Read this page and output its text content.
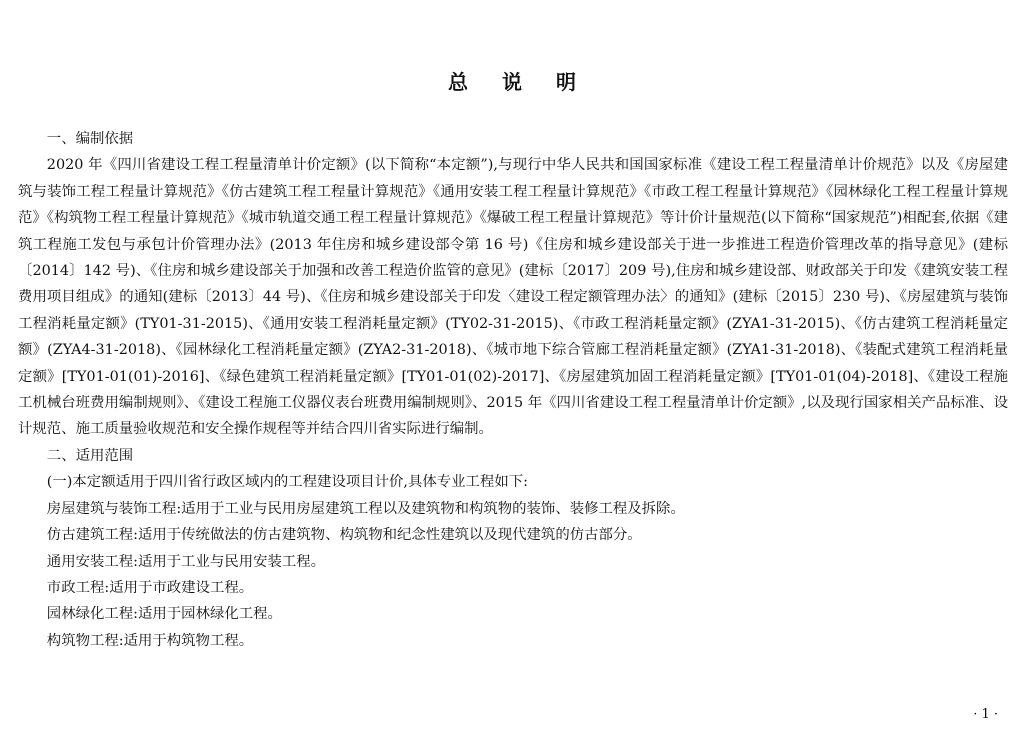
总说明

一、编制依据

2020 年《四川省建设工程工程量清单计价定额》(以下简称“本定额”),与现行中华人民共和国国家标准《建设工程工程量清单计价规范》以及《房屋建筑与装饰工程工程量计算规范》《仿古建筑工程工程量计算规范》《通用安装工程工程量计算规范》《市政工程工程量计算规范》《园林绿化工程工程量计算规范》《构筑物工程工程量计算规范》《城市轨道交通工程工程量计算规范》《爆破工程工程量计算规范》等计价计量规范(以下简称“国家规范”)相配套,依据《建筑工程施工发包与承包计价管理办法》(2013 年住房和城乡建设部令第 16 号)《住房和城乡建设部关于进一步推进工程造价管理改革的指导意见》(建标〔2014〕142 号)、《住房和城乡建设部关于加强和改善工程造价监管的意见》(建标〔2017〕209 号),住房和城乡建设部、财政部关于印发《建筑安装工程费用项目组成》的通知(建标〔2013〕44 号)、《住房和城乡建设部关于印发〈建设工程定额管理办法〉的通知》(建标〔2015〕230 号)、《房屋建筑与装饰工程消耗量定额》(TY01-31-2015)、《通用安装工程消耗量定额》(TY02-31-2015)、《市政工程消耗量定额》(ZYA1-31-2015)、《仿古建筑工程消耗量定额》(ZYA4-31-2018)、《园林绿化工程消耗量定额》(ZYA2-31-2018)、《城市地下综合管廊工程消耗量定额》(ZYA1-31-2018)、《装配式建筑工程消耗量定额》[TY01-01(01)-2016]、《绿色建筑工程消耗量定额》[TY01-01(02)-2017]、《房屋建筑加固工程消耗量定额》[TY01-01(04)-2018]、《建设工程施工机械台班费用编制规则》、《建设工程施工仪器仪表台班费用编制规则》、2015 年《四川省建设工程工程量清单计价定额》,以及现行国家相关产品标准、设计规范、施工质量验收规范和安全操作规程等并结合四川省实际进行编制。

二、适用范围

(一)本定额适用于四川省行政区域内的工程建设项目计价,具体专业工程如下:

房屋建筑与装饰工程:适用于工业与民用房屋建筑工程以及建筑物和构筑物的装饰、装修工程及拆除。

仿古建筑工程:适用于传统做法的仿古建筑物、构筑物和纪念性建筑以及现代建筑的仿古部分。

通用安装工程:适用于工业与民用安装工程。

市政工程:适用于市政建设工程。

园林绿化工程:适用于园林绿化工程。

构筑物工程:适用于构筑物工程。

· 1 ·
